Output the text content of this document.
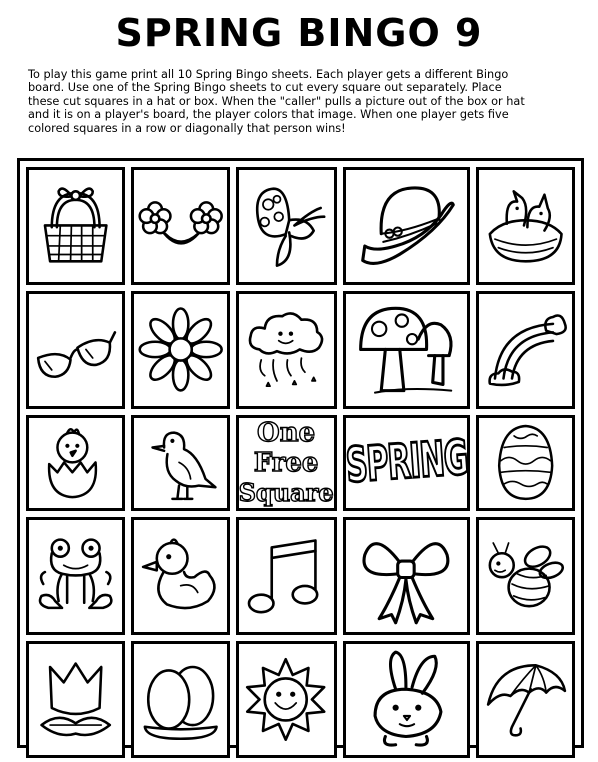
SPRING BINGO 9
To play this game print all 10 Spring Bingo sheets. Each player gets a different Bingo
board. Use one of the Spring Bingo sheets to cut every square out separately. Place
these cut squares in a hat or box. When the "caller" pulls a picture out of the box or hat
and it is on a player's board, the player colors that image. When one player gets five
colored squares in a row or diagonally that person wins!
One
Free
Square SPRING
